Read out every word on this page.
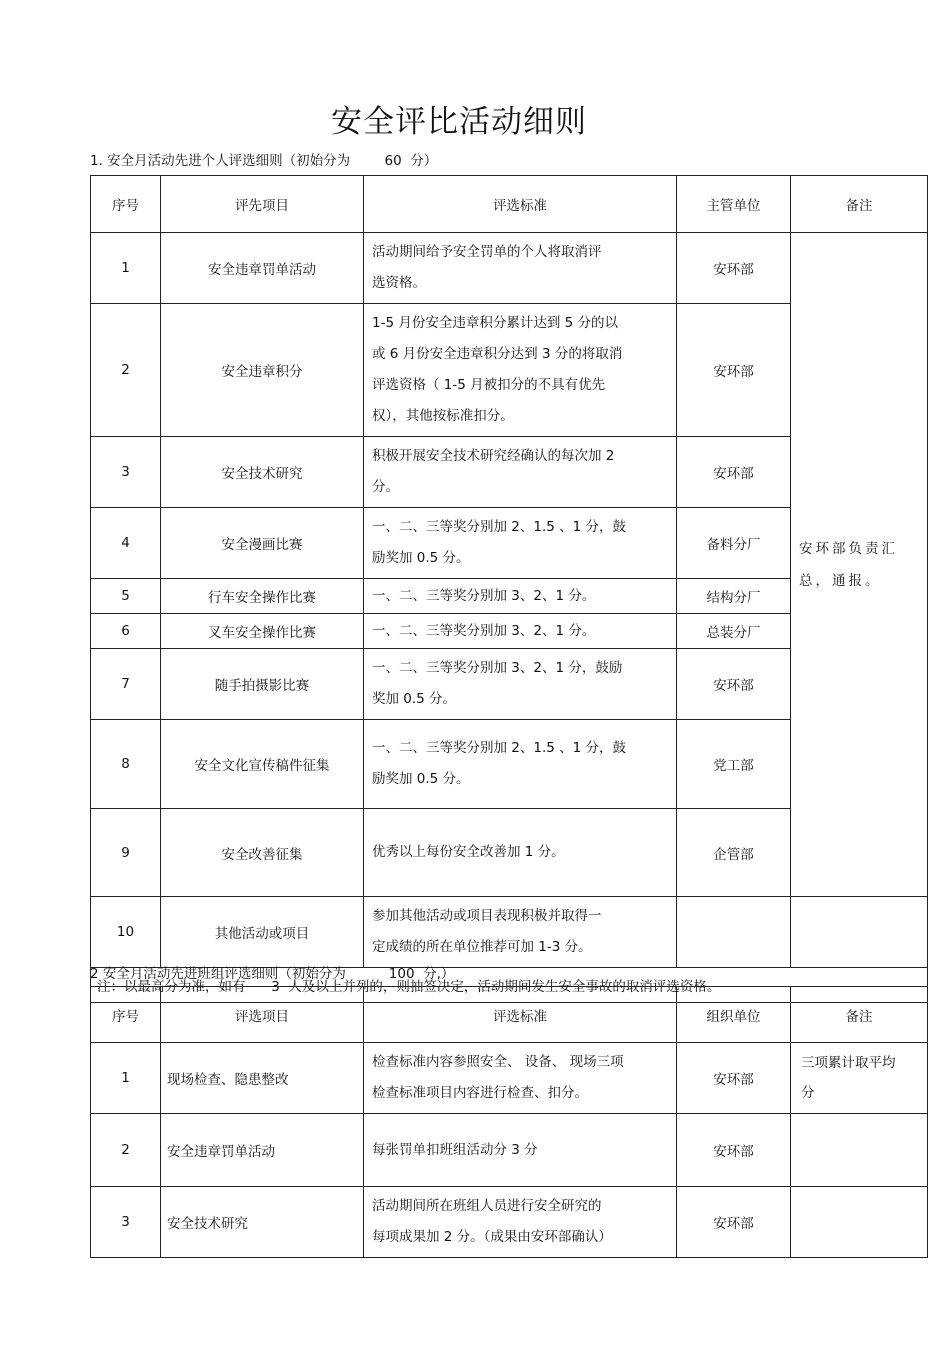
安全评比活动细则
1. 安全月活动先进个人评选细则（初始分为        60  分）
序号	评先项目	评选标准	主管单位	备注
1	安全违章罚单活动	活动期间给予安全罚单的个人将取消评
选资格。	安环部	安环部负责汇总，通报。
2	安全违章积分	1-5 月份安全违章积分累计达到 5 分的以
或 6 月份安全违章积分达到 3 分的将取消
评选资格（ 1-5 月被扣分的不具有优先
权），其他按标准扣分。	安环部	
3	安全技术研究	积极开展安全技术研究经确认的每次加 2
分。	安环部	
4	安全漫画比赛	一、二、三等奖分别加 2、1.5 、1 分，鼓
励奖加 0.5 分。	备料分厂	
5	行车安全操作比赛	一、二、三等奖分别加 3、2、1 分。	结构分厂	
6	叉车安全操作比赛	一、二、三等奖分别加 3、2、1 分。	总装分厂	
7	随手拍摄影比赛	一、二、三等奖分别加 3、2、1 分，鼓励
奖加 0.5 分。	安环部	
8	安全文化宣传稿件征集	一、二、三等奖分别加 2、1.5 、1 分，鼓
励奖加 0.5 分。	党工部	
9	安全改善征集	优秀以上每份安全改善加 1 分。	企管部	
10	其他活动或项目	参加其他活动或项目表现积极并取得一
定成绩的所在单位推荐可加 1-3 分。		
注：以最高分为准，如有      3  人及以上并列的，则抽签决定，活动期间发生安全事故的取消评选资格。				
2 安全月活动先进班组评选细则（初始分为          100  分,）
序号	评选项目	评选标准	组织单位	备注
1	现场检查、隐患整改	检查标准内容参照安全、 设备、 现场三项
检查标准项目内容进行检查、扣分。	安环部	三项累计取平均
分
2	安全违章罚单活动	每张罚单扣班组活动分 3 分	安环部	
3	安全技术研究	活动期间所在班组人员进行安全研究的
每项成果加 2 分。（成果由安环部确认）	安环部	
